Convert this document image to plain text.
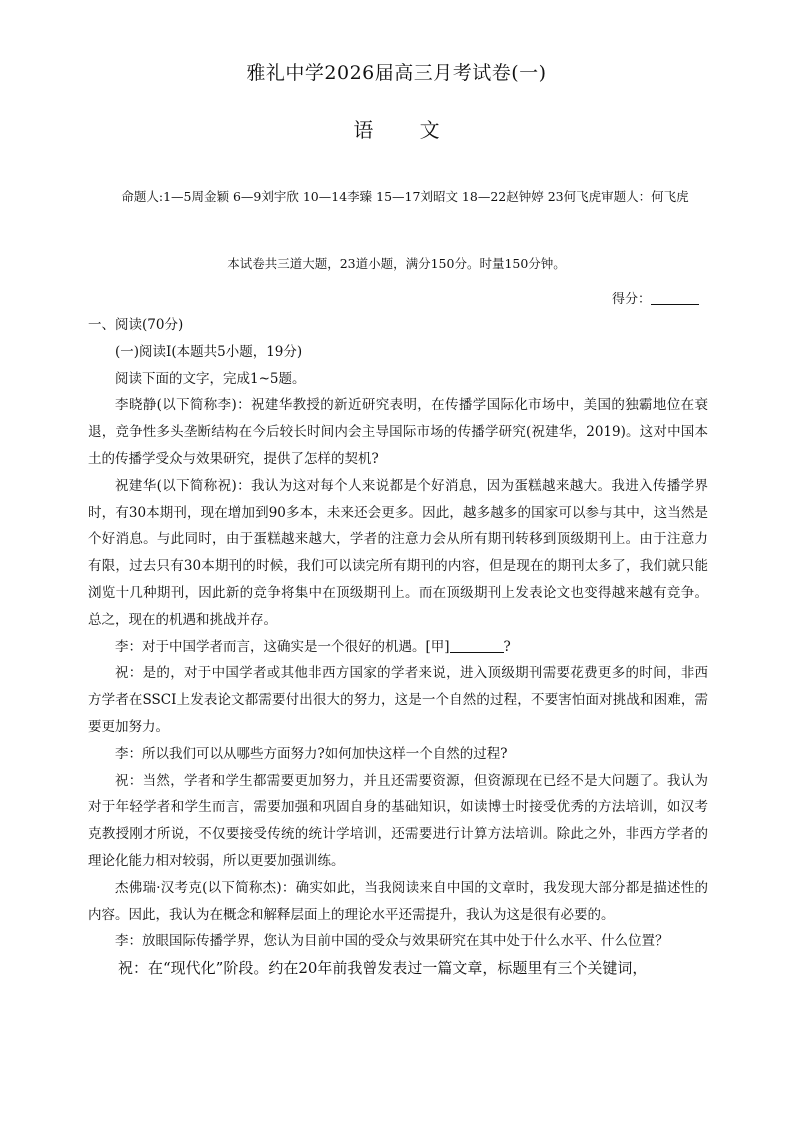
雅礼中学2026届高三月考试卷(一)
语 文
命题人:1—5周金颖 6—9刘宇欣 10—14李臻 15—17刘昭文 18—22赵钟婷 23何飞虎审题人：何飞虎
本试卷共三道大题，23道小题，满分150分。时量150分钟。
得分：

一、阅读(70分)

(一)阅读Ⅰ(本题共5小题，19分)

阅读下面的文字，完成1~5题。

李晓静(以下简称李)：祝建华教授的新近研究表明，在传播学国际化市场中，美国的独霸地位在衰退，竞争性多头垄断结构在今后较长时间内会主导国际市场的传播学研究(祝建华，2019)。这对中国本土的传播学受众与效果研究，提供了怎样的契机?

祝建华(以下简称祝)：我认为这对每个人来说都是个好消息，因为蛋糕越来越大。我进入传播学界时，有30本期刊，现在增加到90多本，未来还会更多。因此，越多越多的国家可以参与其中，这当然是个好消息。与此同时，由于蛋糕越来越大，学者的注意力会从所有期刊转移到顶级期刊上。由于注意力有限，过去只有30本期刊的时候，我们可以读完所有期刊的内容，但是现在的期刊太多了，我们就只能浏览十几种期刊，因此新的竞争将集中在顶级期刊上。而在顶级期刊上发表论文也变得越来越有竞争。总之，现在的机遇和挑战并存。

李：对于中国学者而言，这确实是一个很好的机遇。[甲]	?

祝：是的，对于中国学者或其他非西方国家的学者来说，进入顶级期刊需要花费更多的时间，非西方学者在SSCI上发表论文都需要付出很大的努力，这是一个自然的过程，不要害怕面对挑战和困难，需要更加努力。

李：所以我们可以从哪些方面努力?如何加快这样一个自然的过程?

祝：当然，学者和学生都需要更加努力，并且还需要资源，但资源现在已经不是大问题了。我认为对于年轻学者和学生而言，需要加强和巩固自身的基础知识，如读博士时接受优秀的方法培训，如汉考克教授刚才所说，不仅要接受传统的统计学培训，还需要进行计算方法培训。除此之外，非西方学者的理论化能力相对较弱，所以更要加强训练。

杰佛瑞·汉考克(以下简称杰)：确实如此，当我阅读来自中国的文章时，我发现大部分都是描述性的内容。因此，我认为在概念和解释层面上的理论水平还需提升，我认为这是很有必要的。

李：放眼国际传播学界，您认为目前中国的受众与效果研究在其中处于什么水平、什么位置？

祝：在“现代化”阶段。约在20年前我曾发表过一篇文章，标题里有三个关键词，
